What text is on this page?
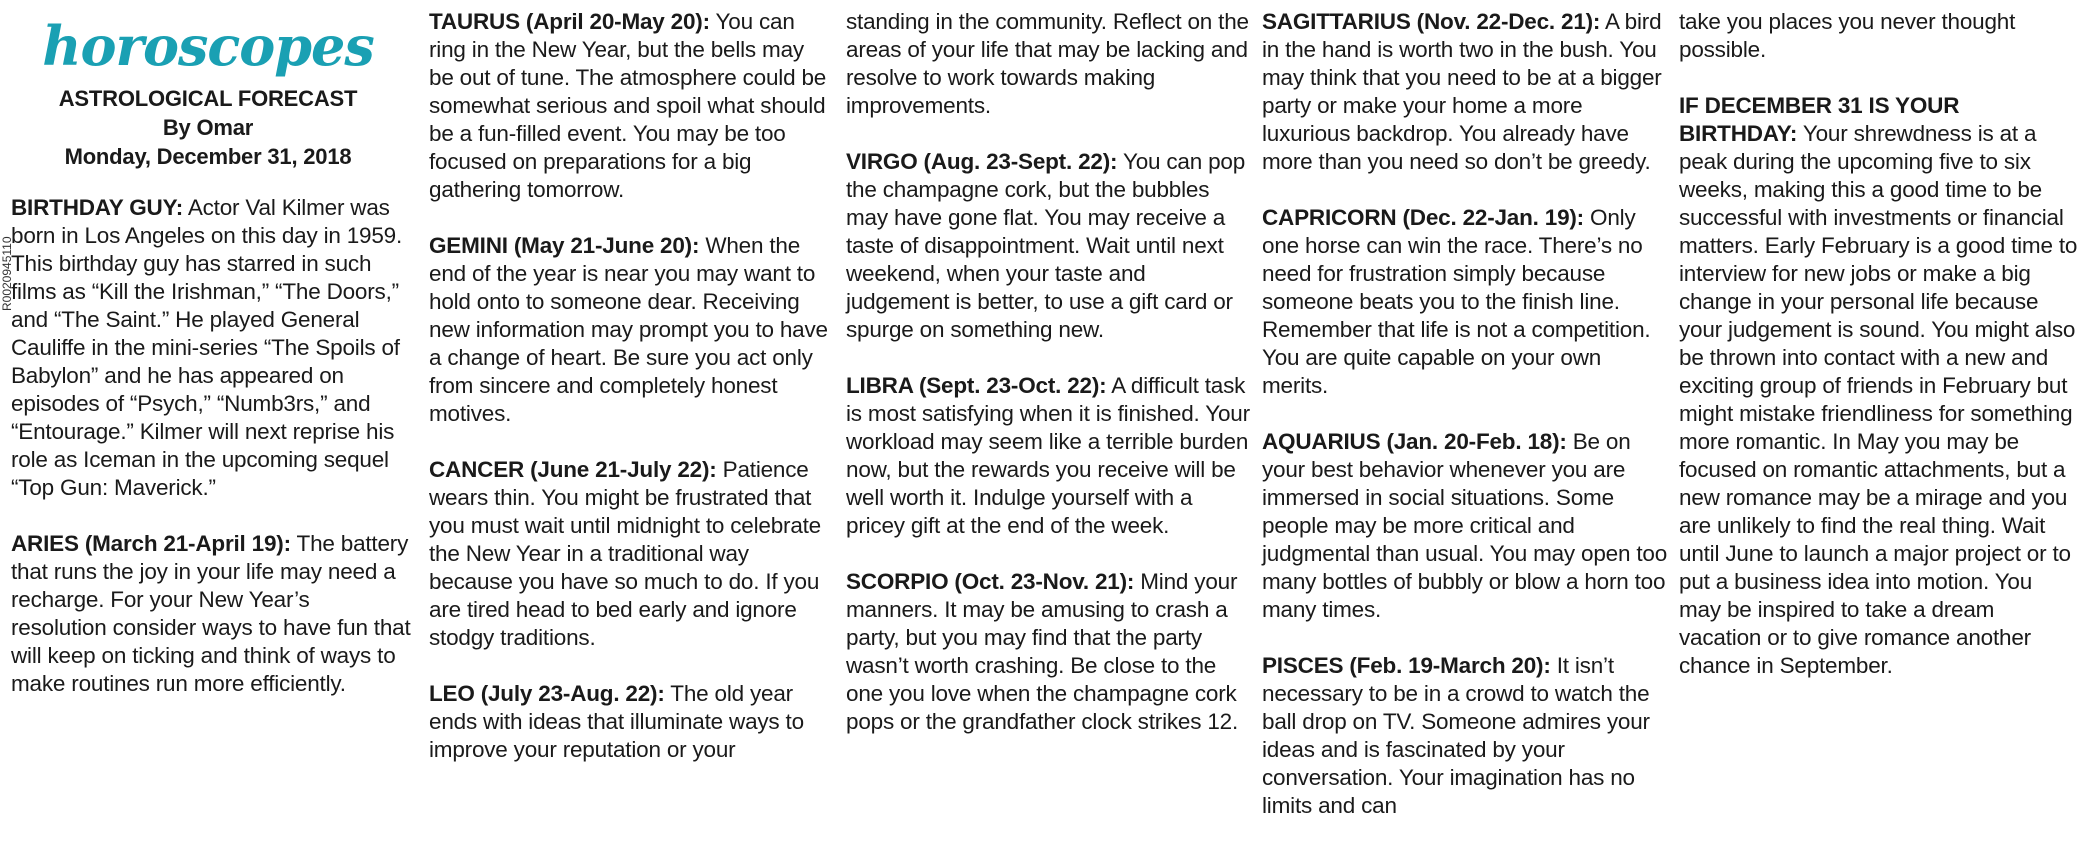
horoscopes
ASTROLOGICAL FORECAST
By Omar
Monday, December 31, 2018

BIRTHDAY GUY: Actor Val Kilmer was born in Los Angeles on this day in 1959. This birthday guy has starred in such films as “Kill the Irishman,” “The Doors,” and “The Saint.” He played General Cauliffe in the mini-series “The Spoils of Babylon” and he has appeared on episodes of “Psych,” “Numb3rs,” and “Entourage.” Kilmer will next reprise his role as Iceman in the upcoming sequel “Top Gun: Maverick.”

ARIES (March 21-April 19): The battery that runs the joy in your life may need a recharge. For your New Year’s resolution consider ways to have fun that will keep on ticking and think of ways to make routines run more efficiently.

R0020945110

TAURUS (April 20-May 20): You can ring in the New Year, but the bells may be out of tune. The atmosphere could be somewhat serious and spoil what should be a fun-filled event. You may be too focused on preparations for a big gathering tomorrow.

GEMINI (May 21-June 20): When the end of the year is near you may want to hold onto to someone dear. Receiving new information may prompt you to have a change of heart. Be sure you act only from sincere and completely honest motives.

CANCER (June 21-July 22): Patience wears thin. You might be frustrated that you must wait until midnight to celebrate the New Year in a traditional way because you have so much to do. If you are tired head to bed early and ignore stodgy traditions.

LEO (July 23-Aug. 22): The old year ends with ideas that illuminate ways to improve your reputation or your

standing in the community. Reflect on the areas of your life that may be lacking and resolve to work towards making improvements.

VIRGO (Aug. 23-Sept. 22): You can pop the champagne cork, but the bubbles may have gone flat. You may receive a taste of disappointment. Wait until next weekend, when your taste and judgement is better, to use a gift card or spurge on something new.

LIBRA (Sept. 23-Oct. 22): A difficult task is most satisfying when it is finished. Your workload may seem like a terrible burden now, but the rewards you receive will be well worth it. Indulge yourself with a pricey gift at the end of the week.

SCORPIO (Oct. 23-Nov. 21): Mind your manners. It may be amusing to crash a party, but you may find that the party wasn’t worth crashing. Be close to the one you love when the champagne cork pops or the grandfather clock strikes 12.

SAGITTARIUS (Nov. 22-Dec. 21): A bird in the hand is worth two in the bush. You may think that you need to be at a bigger party or make your home a more luxurious backdrop. You already have more than you need so don’t be greedy.

CAPRICORN (Dec. 22-Jan. 19): Only one horse can win the race. There’s no need for frustration simply because someone beats you to the finish line. Remember that life is not a competition. You are quite capable on your own merits.

AQUARIUS (Jan. 20-Feb. 18): Be on your best behavior whenever you are immersed in social situations. Some people may be more critical and judgmental than usual. You may open too many bottles of bubbly or blow a horn too many times.

PISCES (Feb. 19-March 20): It isn’t necessary to be in a crowd to watch the ball drop on TV. Someone admires your ideas and is fascinated by your conversation. Your imagination has no limits and can

take you places you never thought possible.

IF DECEMBER 31 IS YOUR BIRTHDAY: Your shrewdness is at a peak during the upcoming five to six weeks, making this a good time to be successful with investments or financial matters. Early February is a good time to interview for new jobs or make a big change in your personal life because your judgement is sound. You might also be thrown into contact with a new and exciting group of friends in February but might mistake friendliness for something more romantic. In May you may be focused on romantic attachments, but a new romance may be a mirage and you are unlikely to find the real thing. Wait until June to launch a major project or to put a business idea into motion. You may be inspired to take a dream vacation or to give romance another chance in September.
